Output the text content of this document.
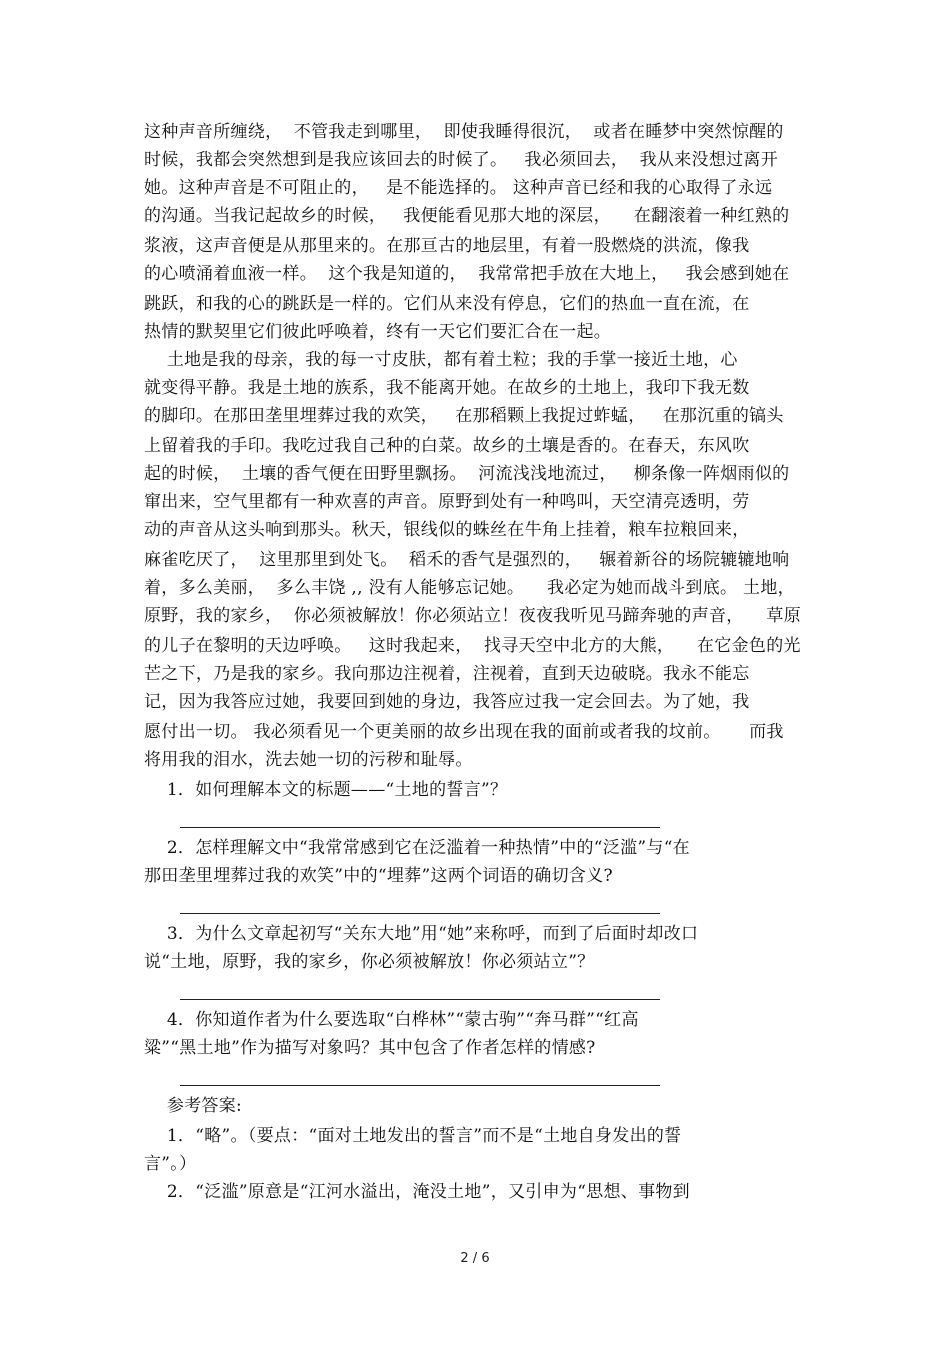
这种声音所缠绕，  不管我走到哪里，  即使我睡得很沉，  或者在睡梦中突然惊醒的
时候，我都会突然想到是我应该回去的时候了。   我必须回去，  我从来没想过离开
她。这种声音是不可阻止的，   是不能选择的。 这种声音已经和我的心取得了永远
的沟通。当我记起故乡的时候，   我便能看见那大地的深层，    在翻滚着一种红熟的
浆液，这声音便是从那里来的。在那亘古的地层里，有着一股燃烧的洪流，像我
的心喷涌着血液一样。  这个我是知道的，  我常常把手放在大地上，   我会感到她在
跳跃，和我的心的跳跃是一样的。它们从来没有停息，它们的热血一直在流，在
热情的默契里它们彼此呼唤着，终有一天它们要汇合在一起。
土地是我的母亲，我的每一寸皮肤，都有着土粒；我的手掌一接近土地，心
就变得平静。我是土地的族系，我不能离开她。在故乡的土地上，我印下我无数
的脚印。在那田垄里埋葬过我的欢笑，   在那稻颗上我捉过蚱蜢，   在那沉重的镐头
上留着我的手印。我吃过我自己种的白菜。故乡的土壤是香的。在春天，东风吹
起的时候，  土壤的香气便在田野里飘扬。  河流浅浅地流过，   柳条像一阵烟雨似的
窜出来，空气里都有一种欢喜的声音。原野到处有一种鸣叫，天空清亮透明，劳
动的声音从这头响到那头。秋天，银线似的蛛丝在牛角上挂着，粮车拉粮回来，
麻雀吃厌了，  这里那里到处飞。  稻禾的香气是强烈的，   辗着新谷的场院辘辘地响
着，多么美丽，  多么丰饶 ,, 没有人能够忘记她。    我必定为她而战斗到底。 土地，
原野，我的家乡，  你必须被解放！你必须站立！夜夜我听见马蹄奔驰的声音，    草原
的儿子在黎明的天边呼唤。   这时我起来，  找寻天空中北方的大熊，    在它金色的光
芒之下，乃是我的家乡。我向那边注视着，注视着，直到天边破晓。我永不能忘
记，因为我答应过她，我要回到她的身边，我答应过我一定会回去。为了她，我
愿付出一切。 我必须看见一个更美丽的故乡出现在我的面前或者我的坟前。     而我
将用我的泪水，洗去她一切的污秽和耻辱。
1．如何理解本文的标题——“土地的誓言”？
2．怎样理解文中“我常常感到它在泛滥着一种热情”中的“泛滥”与“在
那田垄里埋葬过我的欢笑”中的“埋葬”这两个词语的确切含义?
3．为什么文章起初写“关东大地”用“她”来称呼，而到了后面时却改口
说“土地，原野，我的家乡，你必须被解放！你必须站立”？
4．你知道作者为什么要选取“白桦林”“蒙古驹”“奔马群”“红高
粱”“黑土地”作为描写对象吗？其中包含了作者怎样的情感?
参考答案:
1．“略”。（要点：“面对土地发出的誓言”而不是“土地自身发出的誓
言”。）
2．“泛滥”原意是“江河水溢出，淹没土地”，又引申为“思想、事物到
2 / 6
